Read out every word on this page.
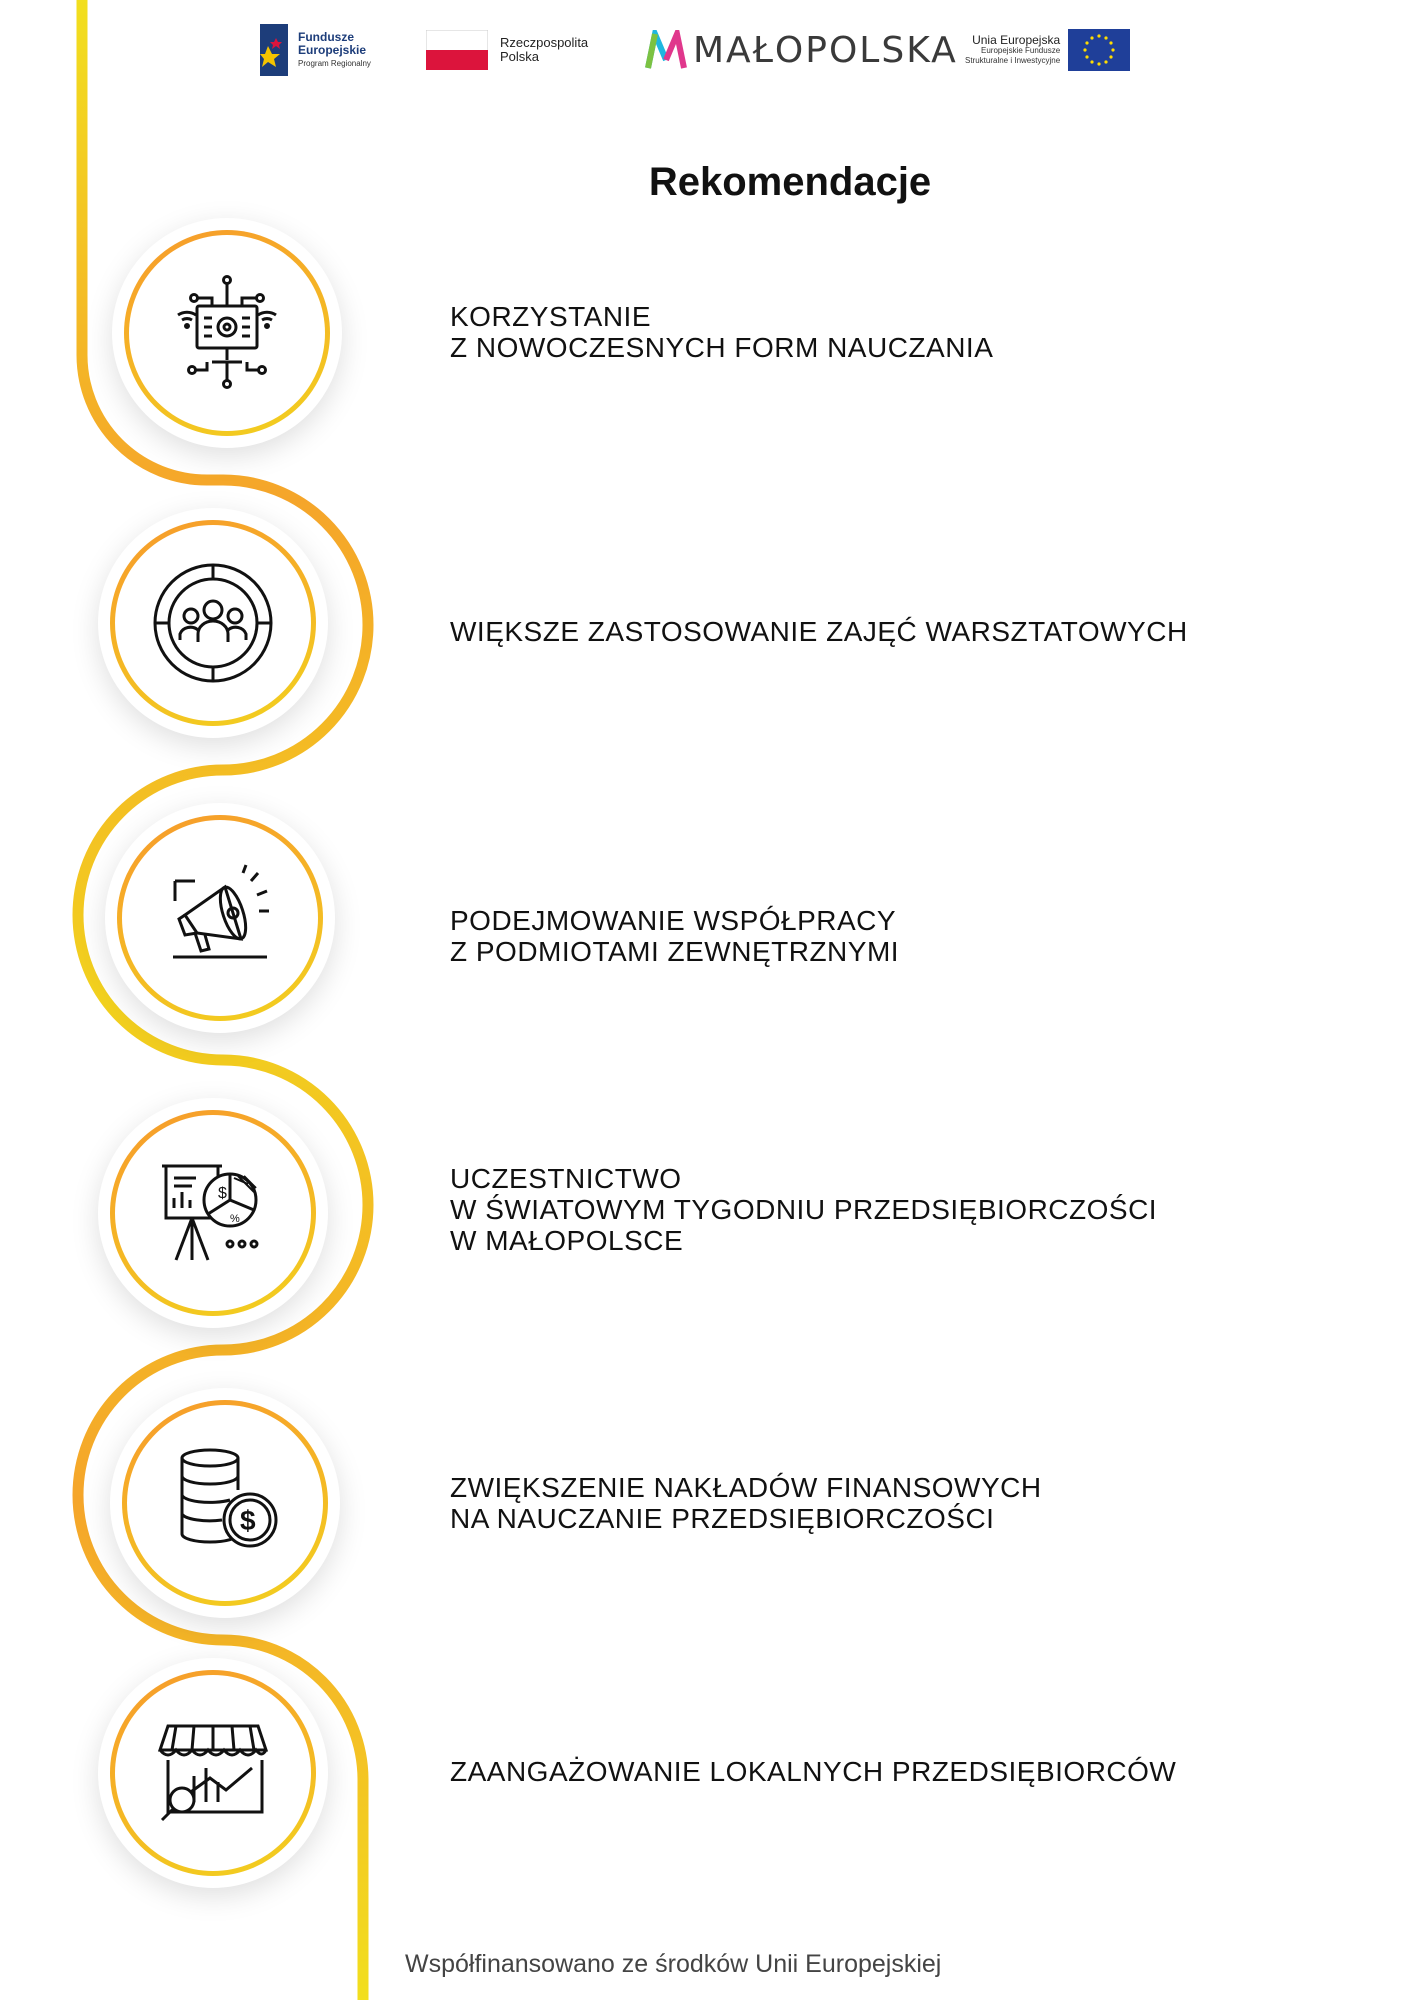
Fundusze
Europejskie
Program Regionalny
Rzeczpospolita
Polska	MAŁOPOLSKA	Unia Europejska
Europejskie Fundusze
Strukturalne i Inwestycyjne
Rekomendacje
KORZYSTANIE
Z NOWOCZESNYCH FORM NAUCZANIA
WIĘKSZE ZASTOSOWANIE ZAJĘĆ WARSZTATOWYCH
PODEJMOWANIE WSPÓŁPRACY
Z PODMIOTAMI ZEWNĘTRZNYMI
$
%
UCZESTNICTWO
W ŚWIATOWYM TYGODNIU PRZEDSIĘBIORCZOŚCI
W MAŁOPOLSCE
$
ZWIĘKSZENIE NAKŁADÓW FINANSOWYCH
NA NAUCZANIE PRZEDSIĘBIORCZOŚCI
ZAANGAŻOWANIE LOKALNYCH PRZEDSIĘBIORCÓW
Współfinansowano ze środków Unii Europejskiej
